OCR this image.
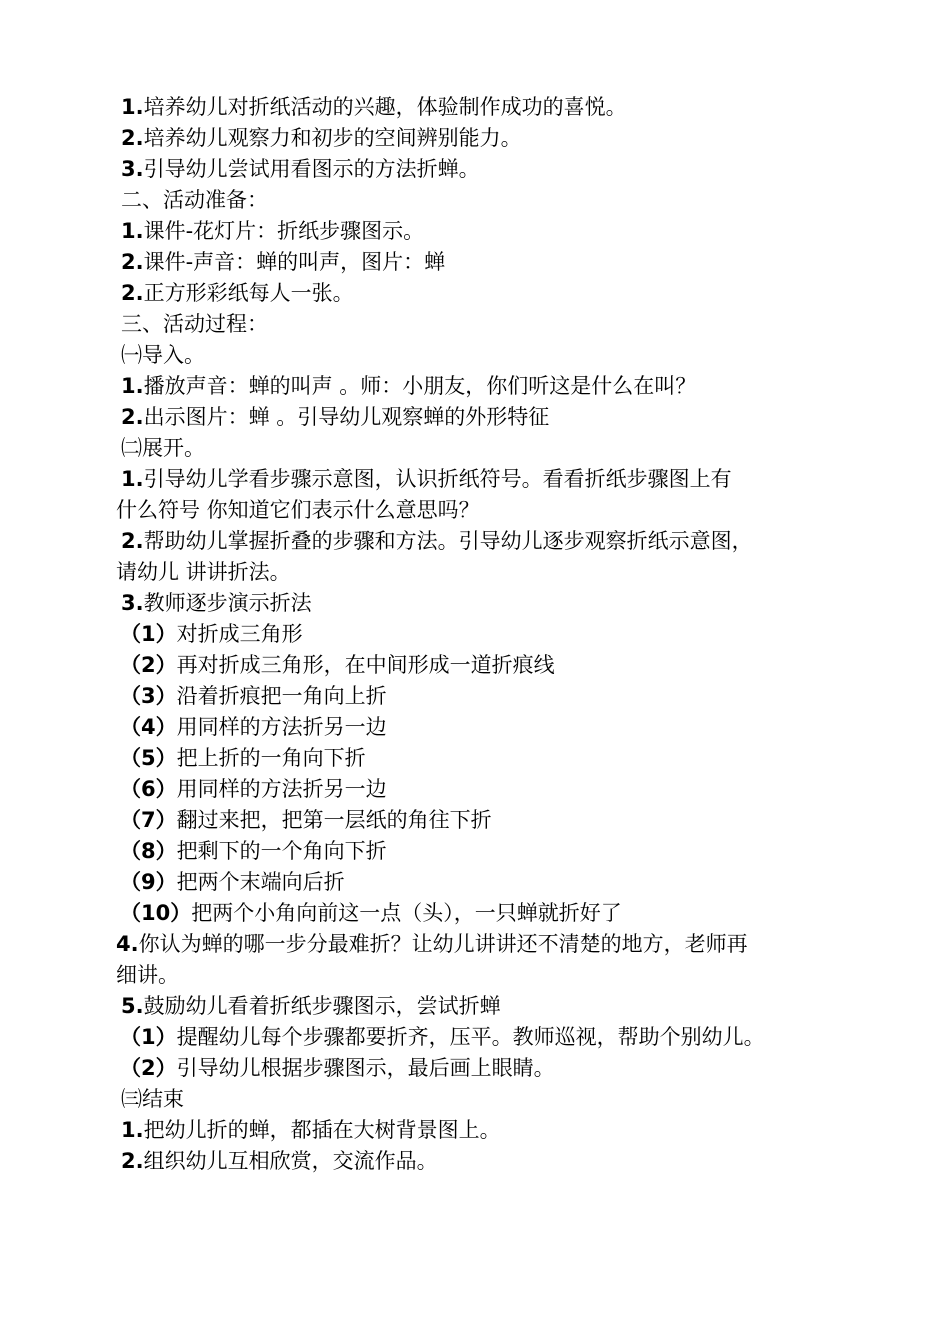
1.培养幼儿对折纸活动的兴趣，体验制作成功的喜悦。
2.培养幼儿观察力和初步的空间辨别能力。
3.引导幼儿尝试用看图示的方法折蝉。
二、活动准备：
1.课件-花灯片：折纸步骤图示。
2.课件-声音：蝉的叫声，图片：蝉
2.正方形彩纸每人一张。
三、活动过程：
㈠导入。
1.播放声音：蝉的叫声 。师：小朋友，你们听这是什么在叫？
2.出示图片：蝉 。引导幼儿观察蝉的外形特征
㈡展开。
1.引导幼儿学看步骤示意图，认识折纸符号。看看折纸步骤图上有
什么符号 你知道它们表示什么意思吗？
2.帮助幼儿掌握折叠的步骤和方法。引导幼儿逐步观察折纸示意图，
请幼儿 讲讲折法。
3.教师逐步演示折法
（1）对折成三角形
（2）再对折成三角形，在中间形成一道折痕线
（3）沿着折痕把一角向上折
（4）用同样的方法折另一边
（5）把上折的一角向下折
（6）用同样的方法折另一边
（7）翻过来把，把第一层纸的角往下折
（8）把剩下的一个角向下折
（9）把两个末端向后折
（10）把两个小角向前这一点（头），一只蝉就折好了
4.你认为蝉的哪一步分最难折？让幼儿讲讲还不清楚的地方，老师再
细讲。
5.鼓励幼儿看着折纸步骤图示，尝试折蝉
（1）提醒幼儿每个步骤都要折齐，压平。教师巡视，帮助个别幼儿。
（2）引导幼儿根据步骤图示，最后画上眼睛。
㈢结束
1.把幼儿折的蝉，都插在大树背景图上。
2.组织幼儿互相欣赏，交流作品。
